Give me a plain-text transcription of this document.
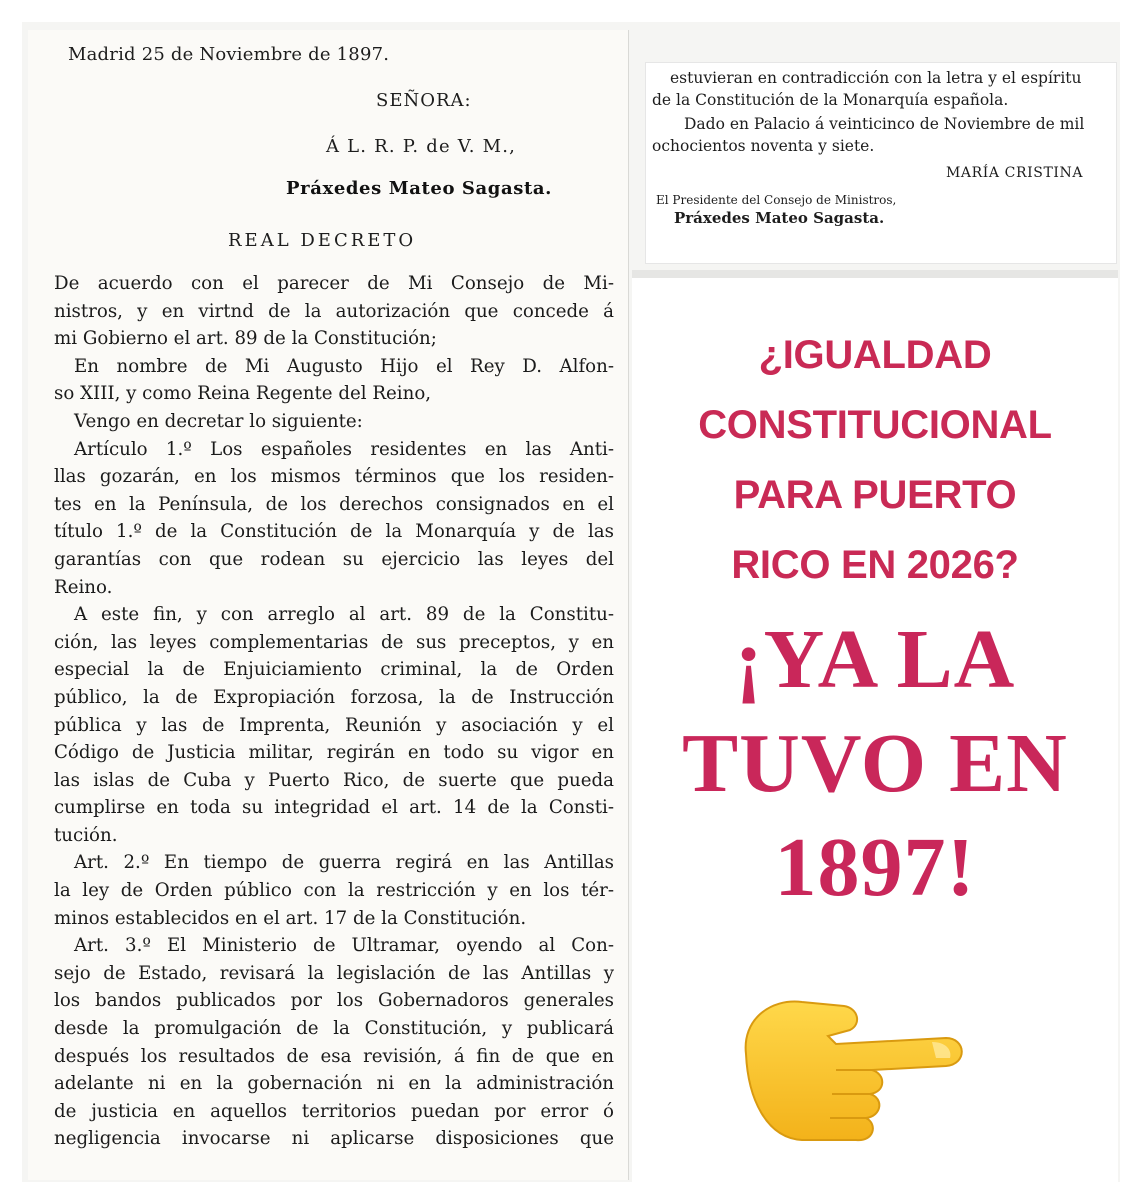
Madrid 25 de Noviembre de 1897.
SEÑORA:
Á L. R. P. de V. M.,
Práxedes Mateo Sagasta.
REAL DECRETO
De acuerdo con el parecer de Mi Consejo de Mi-
nistros, y en virtnd de la autorización que concede á
mi Gobierno el art. 89 de la Constitución;
En nombre de Mi Augusto Hijo el Rey D. Alfon-
so XIII, y como Reina Regente del Reino,
Vengo en decretar lo siguiente:
Artículo 1.º Los españoles residentes en las Anti-
llas gozarán, en los mismos términos que los residen-
tes en la Península, de los derechos consignados en el
título 1.º de la Constitución de la Monarquía y de las
garantías con que rodean su ejercicio las leyes del
Reino.
A este fin, y con arreglo al art. 89 de la Constitu-
ción, las leyes complementarias de sus preceptos, y en
especial la de Enjuiciamiento criminal, la de Orden
público, la de Expropiación forzosa, la de Instrucción
pública y las de Imprenta, Reunión y asociación y el
Código de Justicia militar, regirán en todo su vigor en
las islas de Cuba y Puerto Rico, de suerte que pueda
cumplirse en toda su integridad el art. 14 de la Consti-
tución.
Art. 2.º En tiempo de guerra regirá en las Antillas
la ley de Orden público con la restricción y en los tér-
minos establecidos en el art. 17 de la Constitución.
Art. 3.º El Ministerio de Ultramar, oyendo al Con-
sejo de Estado, revisará la legislación de las Antillas y
los bandos publicados por los Gobernadoros generales
desde la promulgación de la Constitución, y publicará
después los resultados de esa revisión, á fin de que en
adelante ni en la gobernación ni en la administración
de justicia en aquellos territorios puedan por error ó
negligencia invocarse ni aplicarse disposiciones que
estuvieran en contradicción con la letra y el espíritu
de la Constitución de la Monarquía española.
Dado en Palacio á veinticinco de Noviembre de mil
ochocientos noventa y siete.
MARÍA CRISTINA
El Presidente del Consejo de Ministros,
Práxedes Mateo Sagasta.
¿IGUALDAD
CONSTITUCIONAL
PARA PUERTO
RICO EN 2026?
¡YA LA
TUVO EN
1897!
